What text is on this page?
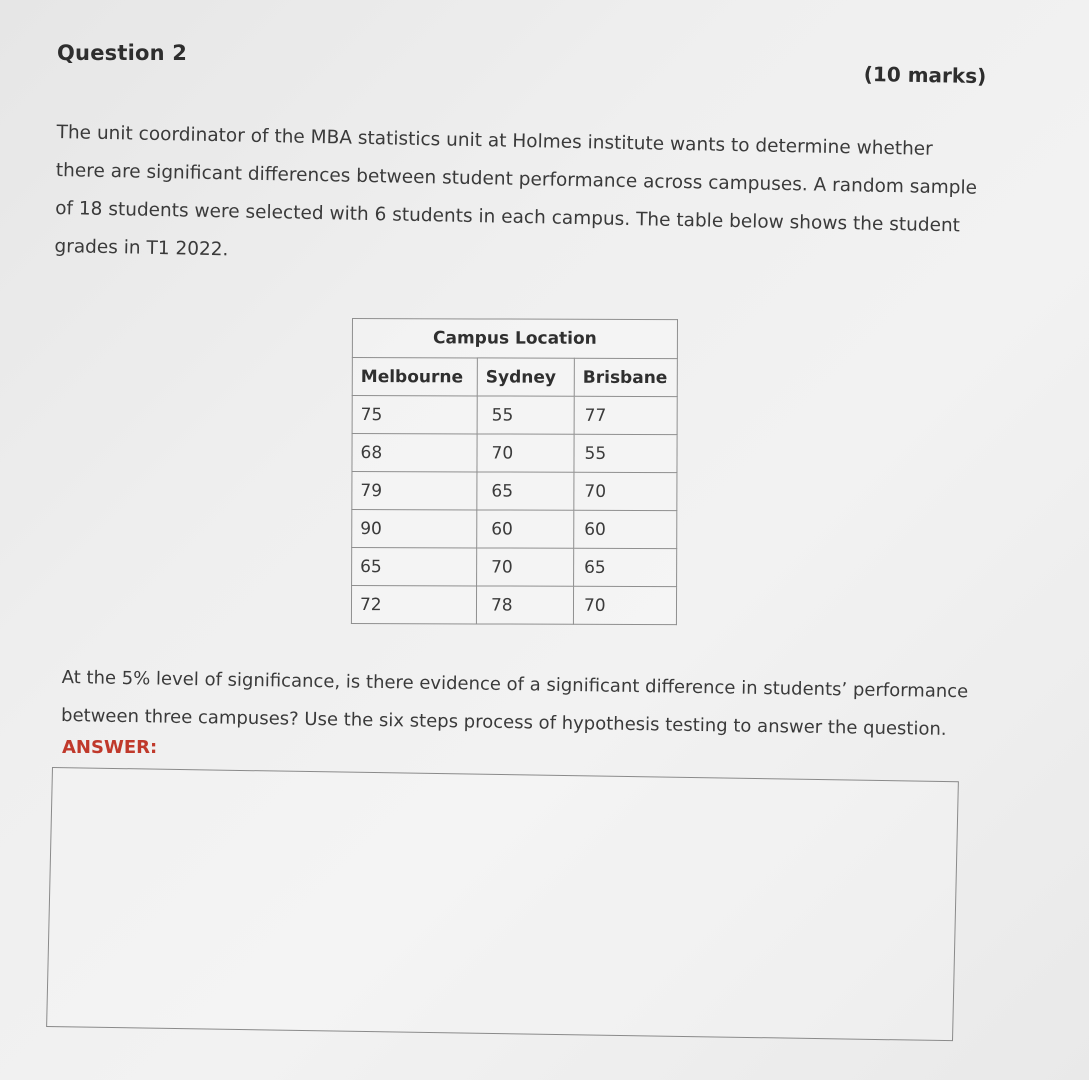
Question 2
(10 marks)
The unit coordinator of the MBA statistics unit at Holmes institute wants to determine whether
there are significant differences between student performance across campuses. A random sample
of 18 students were selected with 6 students in each campus. The table below shows the student
grades in T1 2022.
Campus Location		
Melbourne	Sydney	Brisbane
75	55	77
68	70	55
79	65	70
90	60	60
65	70	65
72	78	70
At the 5% level of significance, is there evidence of a significant difference in students’ performance
between three campuses? Use the six steps process of hypothesis testing to answer the question.
ANSWER:
